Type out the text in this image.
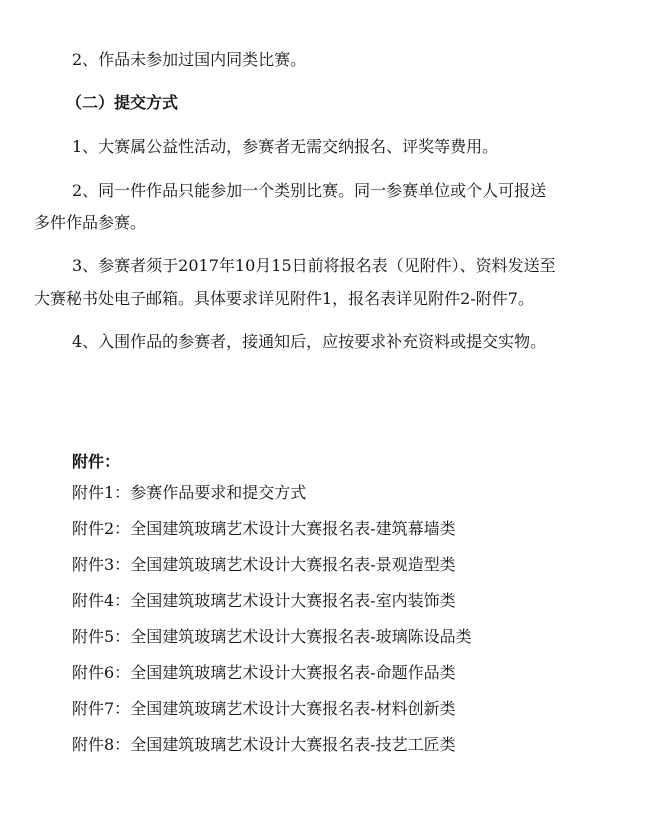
2、作品未参加过国内同类比赛。
（二）提交方式
1、大赛属公益性活动，参赛者无需交纳报名、评奖等费用。
2、同一件作品只能参加一个类别比赛。同一参赛单位或个人可报送
多件作品参赛。
3、参赛者须于2017年10月15日前将报名表（见附件）、资料发送至
大赛秘书处电子邮箱。具体要求详见附件1，报名表详见附件2-附件7。
4、入围作品的参赛者，接通知后，应按要求补充资料或提交实物。
附件：
附件1：参赛作品要求和提交方式
附件2：全国建筑玻璃艺术设计大赛报名表-建筑幕墙类
附件3：全国建筑玻璃艺术设计大赛报名表-景观造型类
附件4：全国建筑玻璃艺术设计大赛报名表-室内装饰类
附件5：全国建筑玻璃艺术设计大赛报名表-玻璃陈设品类
附件6：全国建筑玻璃艺术设计大赛报名表-命题作品类
附件7：全国建筑玻璃艺术设计大赛报名表-材料创新类
附件8：全国建筑玻璃艺术设计大赛报名表-技艺工匠类
